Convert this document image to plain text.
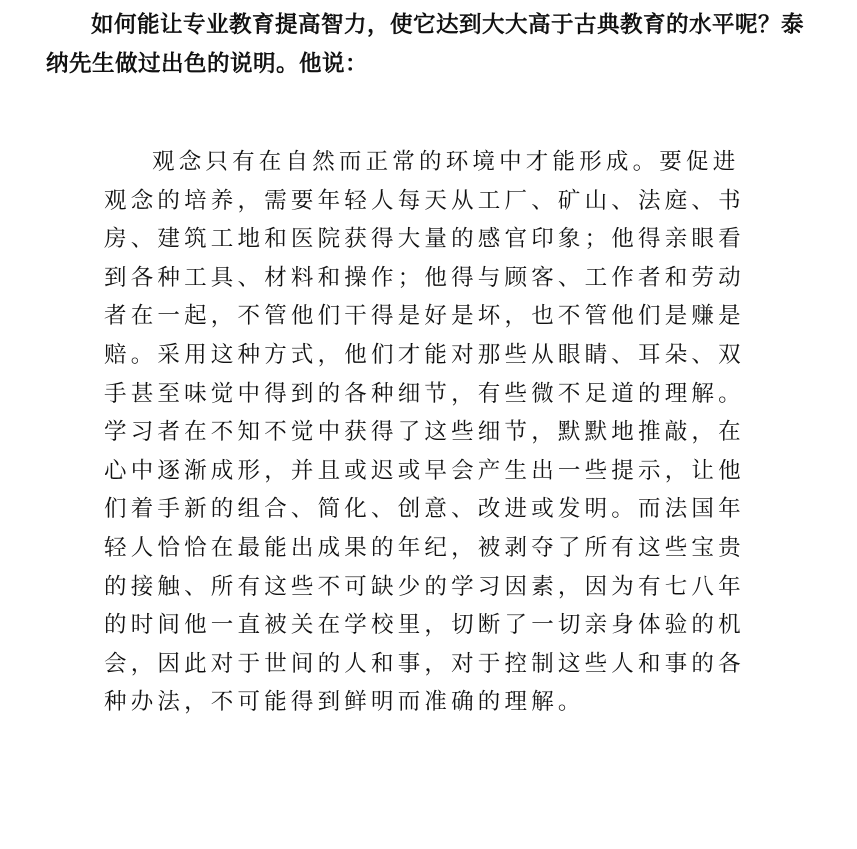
如何能让专业教育提高智力，使它达到大大高于古典教育的水平呢？泰纳先生做过出色的说明。他说：

观念只有在自然而正常的环境中才能形成。要促进
观念的培养，需要年轻人每天从工厂、矿山、法庭、书
房、建筑工地和医院获得大量的感官印象；他得亲眼看
到各种工具、材料和操作；他得与顾客、工作者和劳动
者在一起，不管他们干得是好是坏，也不管他们是赚是
赔。采用这种方式，他们才能对那些从眼睛、耳朵、双
手甚至味觉中得到的各种细节，有些微不足道的理解。
学习者在不知不觉中获得了这些细节，默默地推敲，在
心中逐渐成形，并且或迟或早会产生出一些提示，让他
们着手新的组合、简化、创意、改进或发明。而法国年
轻人恰恰在最能出成果的年纪，被剥夺了所有这些宝贵
的接触、所有这些不可缺少的学习因素，因为有七八年
的时间他一直被关在学校里，切断了一切亲身体验的机
会，因此对于世间的人和事，对于控制这些人和事的各
种办法，不可能得到鲜明而准确的理解。
